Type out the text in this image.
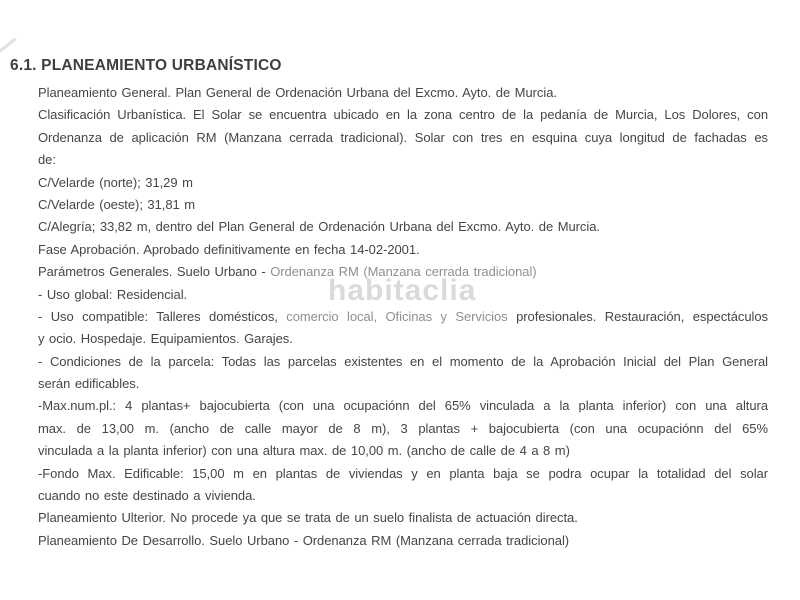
habitaclia
6.1. PLANEAMIENTO URBANÍSTICO
Planeamiento General. Plan General de Ordenación Urbana del Excmo. Ayto. de Murcia.
Clasificación Urbanística. El Solar se encuentra ubicado en la zona centro de la pedanía de Murcia, Los Dolores, con
Ordenanza de aplicación RM (Manzana cerrada tradicional). Solar con tres en esquina cuya longitud de fachadas es
de:
C/Velarde (norte); 31,29 m
C/Velarde (oeste); 31,81 m
C/Alegría; 33,82 m, dentro del Plan General de Ordenación Urbana del Excmo. Ayto. de Murcia.
Fase Aprobación. Aprobado definitivamente en fecha 14-02-2001.
Parámetros Generales. Suelo Urbano - Ordenanza RM (Manzana cerrada tradicional)
- Uso global: Residencial.
- Uso compatible: Talleres domésticos, comercio local, Oficinas y Servicios profesionales. Restauración, espectáculos
y ocio. Hospedaje. Equipamientos. Garajes.
- Condiciones de la parcela: Todas las parcelas existentes en el momento de la Aprobación Inicial del Plan General
serán edificables.
-Max.num.pl.: 4 plantas+ bajocubierta (con una ocupaciónn del 65% vinculada a la planta inferior) con una altura
max. de 13,00 m. (ancho de calle mayor de 8 m), 3 plantas + bajocubierta (con una ocupaciónn del 65%
vinculada a la planta inferior) con una altura max. de 10,00 m. (ancho de calle de 4 a 8 m)
-Fondo Max. Edificable: 15,00 m en plantas de viviendas y en planta baja se podra ocupar la totalidad del solar
cuando no este destinado a vivienda.
Planeamiento Ulterior. No procede ya que se trata de un suelo finalista de actuación directa.
Planeamiento De Desarrollo. Suelo Urbano - Ordenanza RM (Manzana cerrada tradicional)
